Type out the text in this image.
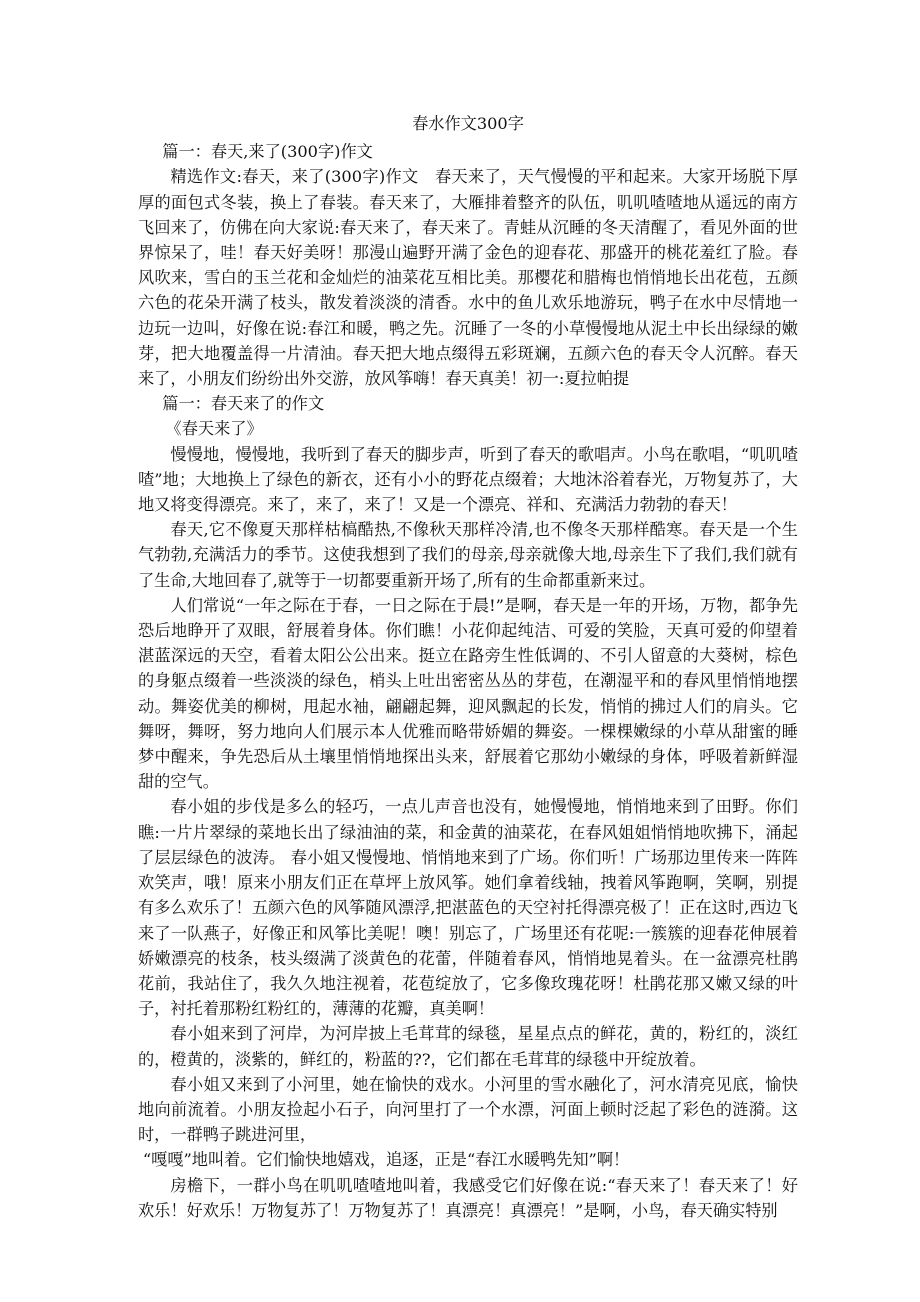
春水作文300字

篇一：春天,来了(300字)作文

精选作文:春天，来了(300字)作文　春天来了，天气慢慢的平和起来。大家开场脱下厚厚的面包式冬装，换上了春装。春天来了，大雁排着整齐的队伍，叽叽喳喳地从遥远的南方飞回来了，仿佛在向大家说:春天来了，春天来了。青蛙从沉睡的冬天清醒了，看见外面的世界惊呆了，哇！春天好美呀！那漫山遍野开满了金色的迎春花、那盛开的桃花羞红了脸。春风吹来，雪白的玉兰花和金灿烂的油菜花互相比美。那樱花和腊梅也悄悄地长出花苞，五颜六色的花朵开满了枝头，散发着淡淡的清香。水中的鱼儿欢乐地游玩，鸭子在水中尽情地一边玩一边叫，好像在说:春江和暖，鸭之先。沉睡了一冬的小草慢慢地从泥土中长出绿绿的嫩芽，把大地覆盖得一片清油。春天把大地点缀得五彩斑斓，五颜六色的春天令人沉醉。春天来了，小朋友们纷纷出外交游，放风筝嗨！春天真美！初一:夏拉帕提

篇一：春天来了的作文

《春天来了》

慢慢地，慢慢地，我听到了春天的脚步声，听到了春天的歌唱声。小鸟在歌唱，“叽叽喳喳”地；大地换上了绿色的新衣，还有小小的野花点缀着；大地沐浴着春光，万物复苏了，大地又将变得漂亮。来了，来了，来了！又是一个漂亮、祥和、充满活力勃勃的春天！

春天,它不像夏天那样枯槁酷热,不像秋天那样冷清,也不像冬天那样酷寒。春天是一个生气勃勃,充满活力的季节。这使我想到了我们的母亲,母亲就像大地,母亲生下了我们,我们就有了生命,大地回春了,就等于一切都要重新开场了,所有的生命都重新来过。

人们常说“一年之际在于春，一日之际在于晨!”是啊，春天是一年的开场，万物，都争先恐后地睁开了双眼，舒展着身体。你们瞧！小花仰起纯洁、可爱的笑脸，天真可爱的仰望着湛蓝深远的天空，看着太阳公公出来。挺立在路旁生性低调的、不引人留意的大葵树，棕色的身躯点缀着一些淡淡的绿色，梢头上吐出密密丛丛的芽苞，在潮湿平和的春风里悄悄地摆动。舞姿优美的柳树，甩起水袖，翩翩起舞，迎风飘起的长发，悄悄的拂过人们的肩头。它舞呀，舞呀，努力地向人们展示本人优雅而略带娇媚的舞姿。一棵棵嫩绿的小草从甜蜜的睡梦中醒来，争先恐后从土壤里悄悄地探出头来，舒展着它那幼小嫩绿的身体，呼吸着新鲜湿甜的空气。

春小姐的步伐是多么的轻巧，一点儿声音也没有，她慢慢地，悄悄地来到了田野。你们瞧:一片片翠绿的菜地长出了绿油油的菜，和金黄的油菜花，在春风姐姐悄悄地吹拂下，涌起了层层绿色的波涛。 春小姐又慢慢地、悄悄地来到了广场。你们听！广场那边里传来一阵阵欢笑声，哦！原来小朋友们正在草坪上放风筝。她们拿着线轴，拽着风筝跑啊，笑啊，别提有多么欢乐了！五颜六色的风筝随风漂浮,把湛蓝色的天空衬托得漂亮极了！正在这时,西边飞来了一队燕子，好像正和风筝比美呢！噢！别忘了，广场里还有花呢:一簇簇的迎春花伸展着娇嫩漂亮的枝条，枝头缀满了淡黄色的花蕾，伴随着春风，悄悄地晃着头。在一盆漂亮杜鹃花前，我站住了，我久久地注视着，花苞绽放了，它多像玫瑰花呀！杜鹃花那又嫩又绿的叶子，衬托着那粉红粉红的，薄薄的花瓣，真美啊！

春小姐来到了河岸，为河岸披上毛茸茸的绿毯，星星点点的鲜花，黄的，粉红的，淡红的，橙黄的，淡紫的，鲜红的，粉蓝的??，它们都在毛茸茸的绿毯中开绽放着。

春小姐又来到了小河里，她在愉快的戏水。小河里的雪水融化了，河水清亮见底，愉快地向前流着。小朋友捡起小石子，向河里打了一个水漂，河面上顿时泛起了彩色的涟漪。这时，一群鸭子跳进河里，

“嘎嘎”地叫着。它们愉快地嬉戏，追逐，正是“春江水暖鸭先知”啊！

房檐下，一群小鸟在叽叽喳喳地叫着，我感受它们好像在说:“春天来了！春天来了！好欢乐！好欢乐！万物复苏了！万物复苏了！真漂亮！真漂亮！”是啊，小鸟，春天确实特别
